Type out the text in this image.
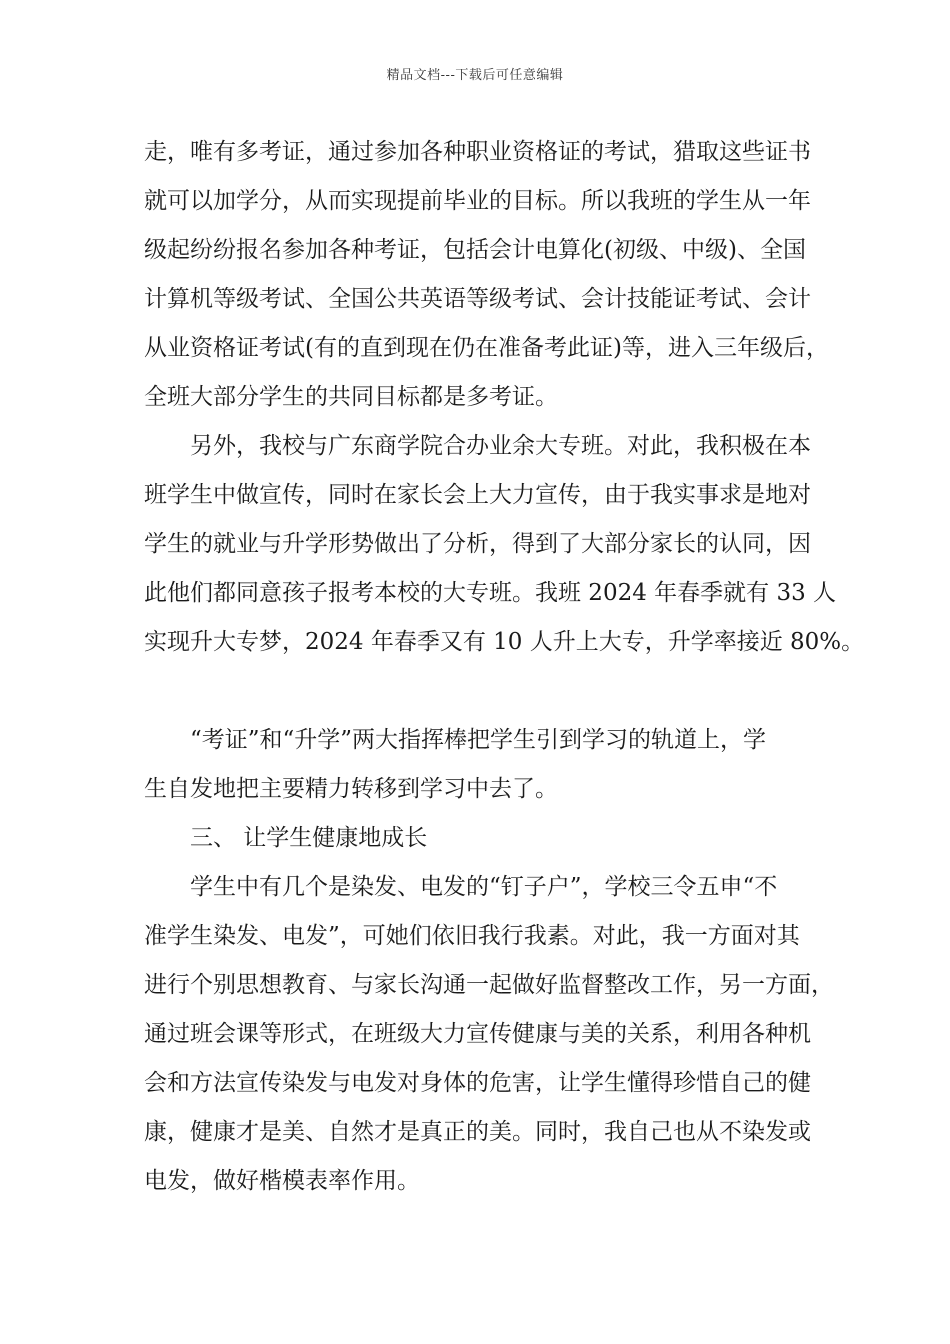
精品文档---下载后可任意编辑
走，唯有多考证，通过参加各种职业资格证的考试，猎取这些证书
就可以加学分，从而实现提前毕业的目标。所以我班的学生从一年
级起纷纷报名参加各种考证，包括会计电算化(初级、中级)、全国
计算机等级考试、全国公共英语等级考试、会计技能证考试、会计
从业资格证考试(有的直到现在仍在准备考此证)等，进入三年级后，
全班大部分学生的共同目标都是多考证。
另外，我校与广东商学院合办业余大专班。对此，我积极在本
班学生中做宣传，同时在家长会上大力宣传，由于我实事求是地对
学生的就业与升学形势做出了分析，得到了大部分家长的认同，因
此他们都同意孩子报考本校的大专班。我班 2024 年春季就有 33 人
实现升大专梦，2024 年春季又有 10 人升上大专，升学率接近 80%。
“考证”和“升学”两大指挥棒把学生引到学习的轨道上，学
生自发地把主要精力转移到学习中去了。
三、 让学生健康地成长
学生中有几个是染发、电发的“钉子户”，学校三令五申“不
准学生染发、电发”，可她们依旧我行我素。对此，我一方面对其
进行个别思想教育、与家长沟通一起做好监督整改工作，另一方面，
通过班会课等形式，在班级大力宣传健康与美的关系，利用各种机
会和方法宣传染发与电发对身体的危害，让学生懂得珍惜自己的健
康，健康才是美、自然才是真正的美。同时，我自己也从不染发或
电发，做好楷模表率作用。
